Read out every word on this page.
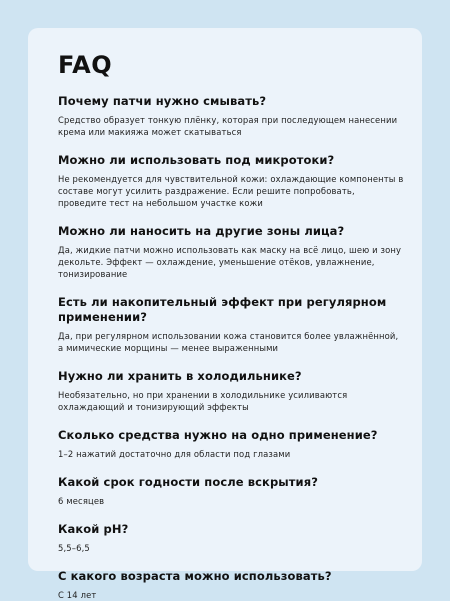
FAQ
Почему патчи нужно смывать?

Средство образует тонкую плёнку, которая при последующем нанесении крема или макияжа может скатываться

Можно ли использовать под микротоки?

Не рекомендуется для чувствительной кожи: охлаждающие компоненты в составе могут усилить раздражение. Если решите попробовать, проведите тест на небольшом участке кожи

Можно ли наносить на другие зоны лица?

Да, жидкие патчи можно использовать как маску на всё лицо, шею и зону декольте. Эффект — охлаждение, уменьшение отёков, увлажнение, тонизирование

Есть ли накопительный эффект при регулярном применении?

Да, при регулярном использовании кожа становится более увлажнённой, а мимические морщины — менее выраженными

Нужно ли хранить в холодильнике?

Необязательно, но при хранении в холодильнике усиливаются охлаждающий и тонизирующий эффекты

Сколько средства нужно на одно применение?

1–2 нажатий достаточно для области под глазами

Какой срок годности после вскрытия?

6 месяцев

Какой pH?

5,5–6,5

С какого возраста можно использовать?

С 14 лет
